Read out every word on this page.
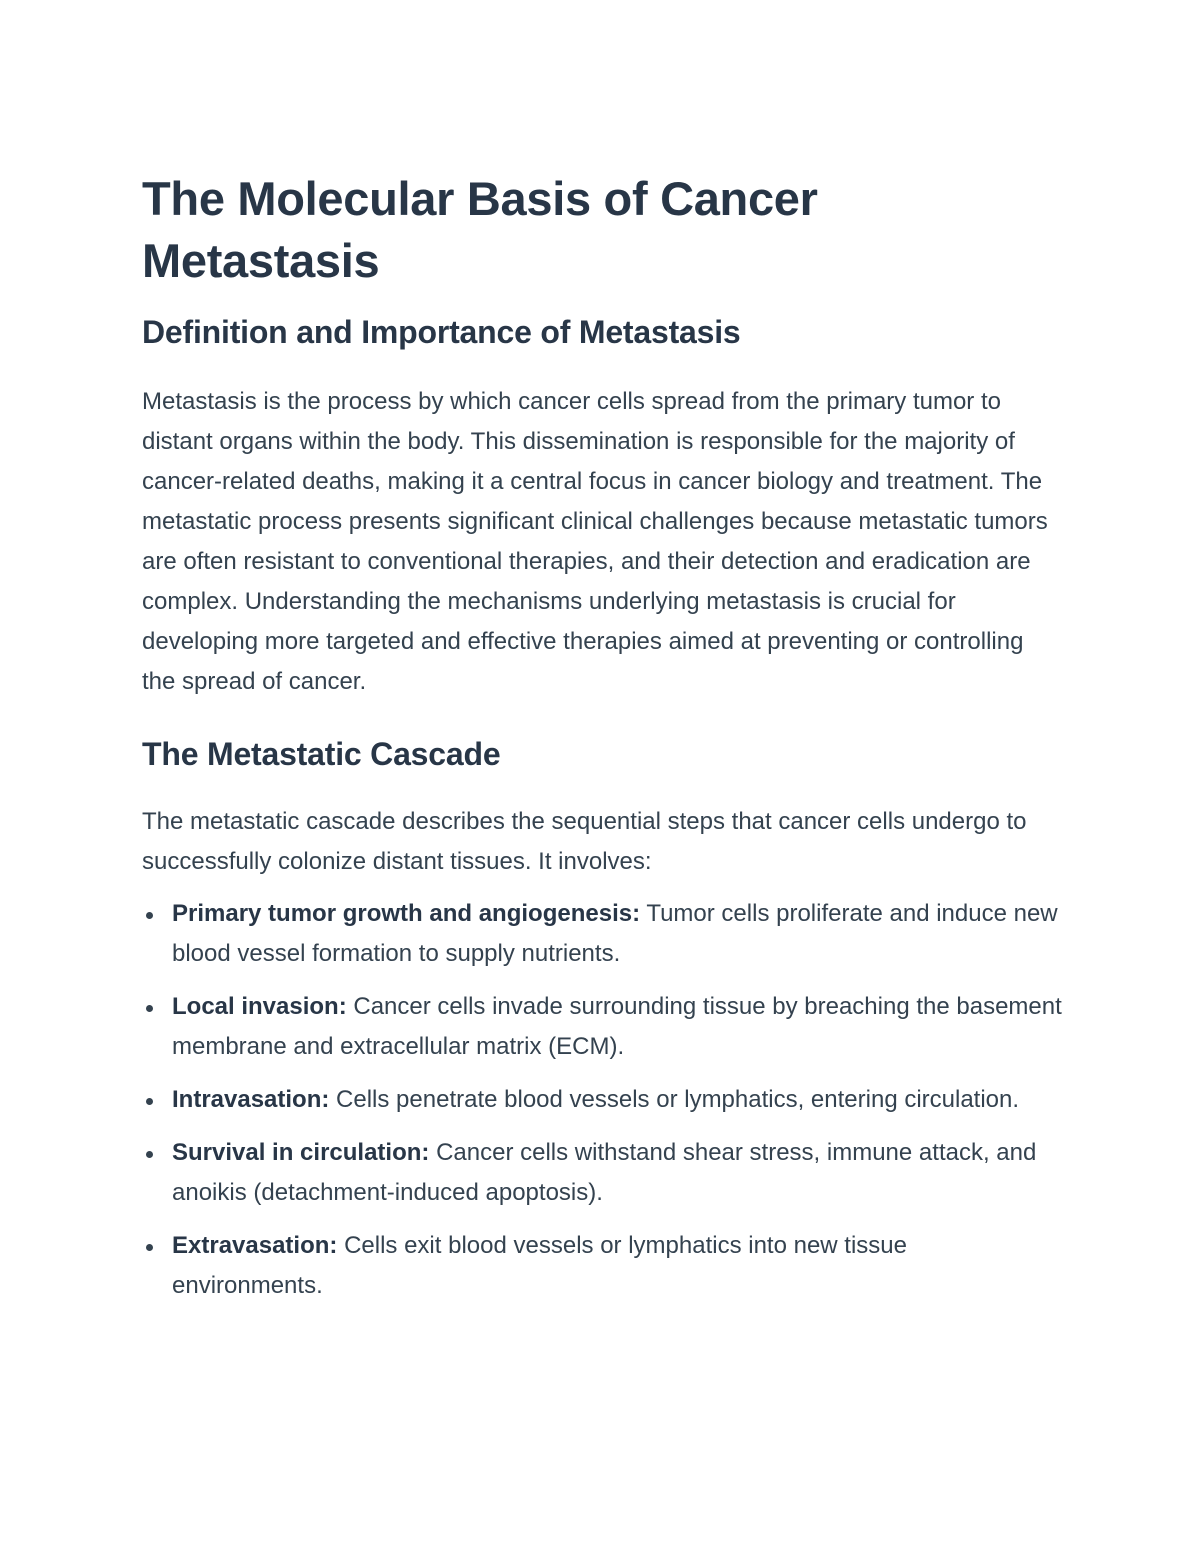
The Molecular Basis of Cancer Metastasis
Definition and Importance of Metastasis

Metastasis is the process by which cancer cells spread from the primary tumor to distant organs within the body. This dissemination is responsible for the majority of cancer-related deaths, making it a central focus in cancer biology and treatment. The metastatic process presents significant clinical challenges because metastatic tumors are often resistant to conventional therapies, and their detection and eradication are complex. Understanding the mechanisms underlying metastasis is crucial for developing more targeted and effective therapies aimed at preventing or controlling the spread of cancer.

The Metastatic Cascade

The metastatic cascade describes the sequential steps that cancer cells undergo to successfully colonize distant tissues. It involves:

Primary tumor growth and angiogenesis: Tumor cells proliferate and induce new blood vessel formation to supply nutrients.
Local invasion: Cancer cells invade surrounding tissue by breaching the basement membrane and extracellular matrix (ECM).
Intravasation: Cells penetrate blood vessels or lymphatics, entering circulation.
Survival in circulation: Cancer cells withstand shear stress, immune attack, and anoikis (detachment-induced apoptosis).
Extravasation: Cells exit blood vessels or lymphatics into new tissue environments.
